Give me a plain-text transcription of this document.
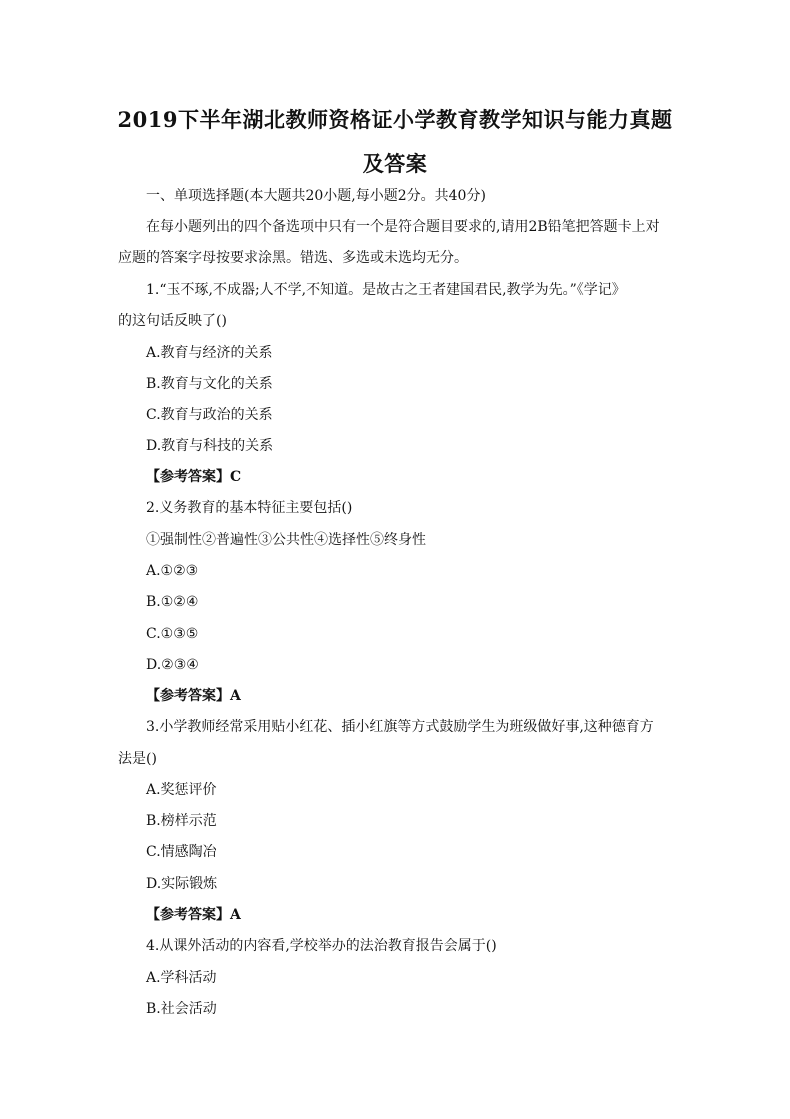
2019下半年湖北教师资格证小学教育教学知识与能力真题
及答案
一、单项选择题(本大题共20小题,每小题2分。共40分)
在每小题列出的四个备选项中只有一个是符合题目要求的,请用2B铅笔把答题卡上对
应题的答案字母按要求涂黑。错选、多选或未选均无分。
1.“玉不琢,不成器;人不学,不知道。是故古之王者建国君民,教学为先。”《学记》
的这句话反映了()
A.教育与经济的关系
B.教育与文化的关系
C.教育与政治的关系
D.教育与科技的关系
【参考答案】C
2.义务教育的基本特征主要包括()
①强制性②普遍性③公共性④选择性⑤终身性
A.①②③
B.①②④
C.①③⑤
D.②③④
【参考答案】A
3.小学教师经常采用贴小红花、插小红旗等方式鼓励学生为班级做好事,这种德育方
法是()
A.奖惩评价
B.榜样示范
C.情感陶冶
D.实际锻炼
【参考答案】A
4.从课外活动的内容看,学校举办的法治教育报告会属于()
A.学科活动
B.社会活动
